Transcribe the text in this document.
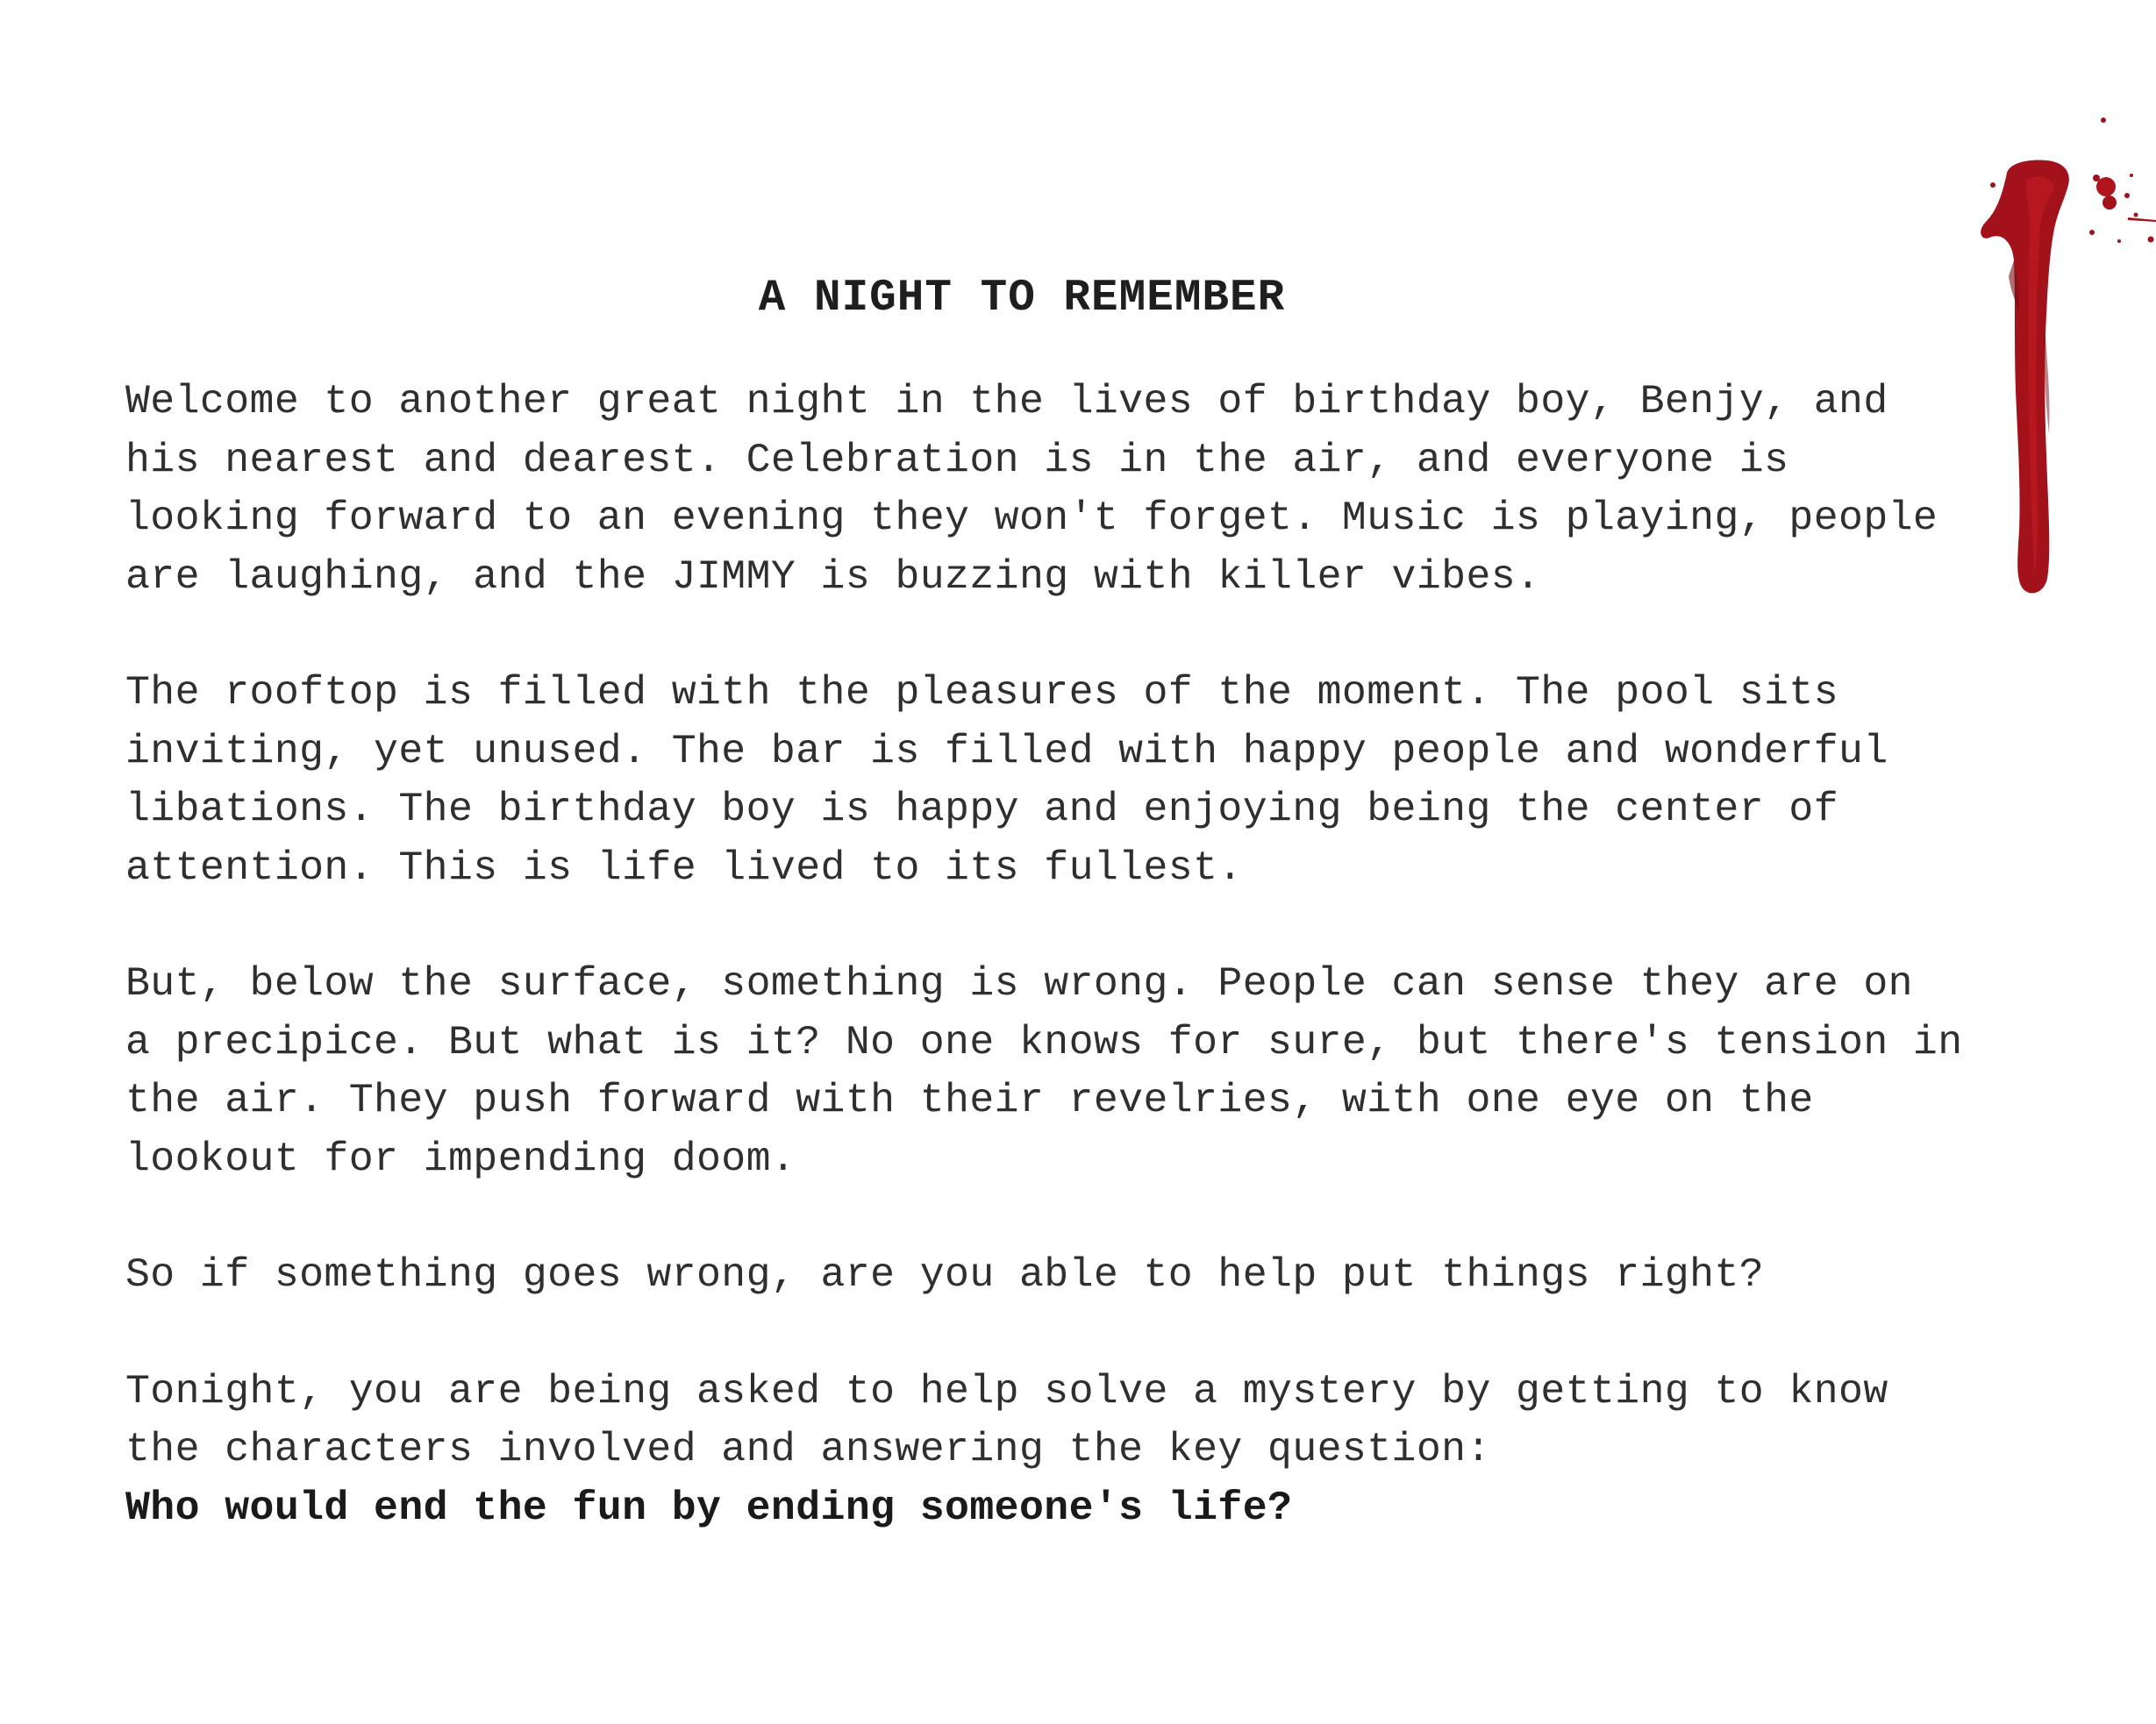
A NIGHT TO REMEMBER
Welcome to another great night in the lives of birthday boy, Benjy, and
his nearest and dearest. Celebration is in the air, and everyone is
looking forward to an evening they won't forget. Music is playing, people
are laughing, and the JIMMY is buzzing with killer vibes.
The rooftop is filled with the pleasures of the moment. The pool sits
inviting, yet unused. The bar is filled with happy people and wonderful
libations. The birthday boy is happy and enjoying being the center of
attention. This is life lived to its fullest.
But, below the surface, something is wrong. People can sense they are on
a precipice. But what is it? No one knows for sure, but there's tension in
the air. They push forward with their revelries, with one eye on the
lookout for impending doom.
So if something goes wrong, are you able to help put things right?
Tonight, you are being asked to help solve a mystery by getting to know
the characters involved and answering the key question:
Who would end the fun by ending someone's life?
